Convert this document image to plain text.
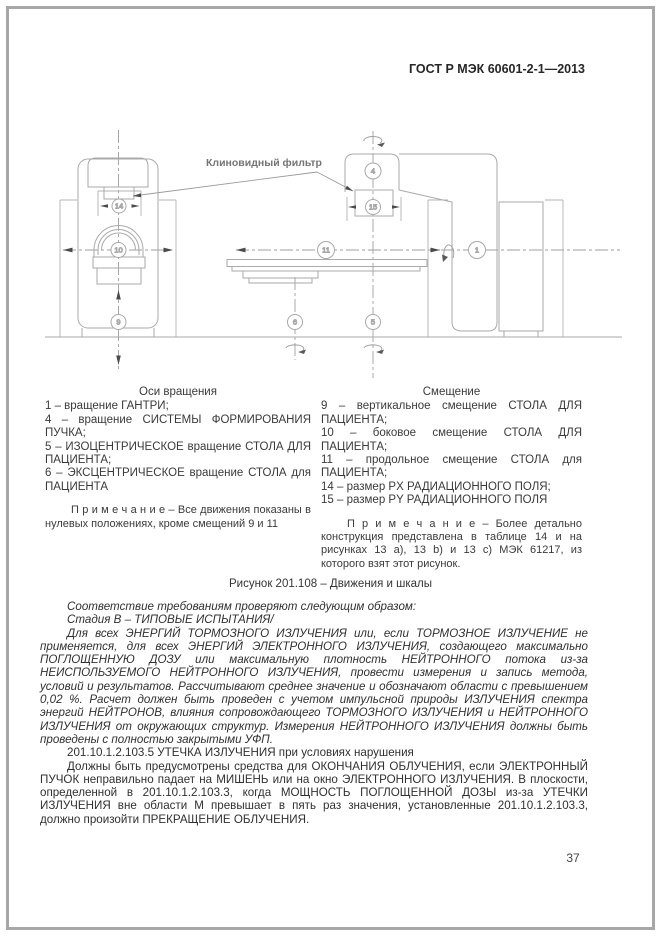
ГОСТ Р МЭК 60601-2-1—2013
14
10
9
11
6	5
4
15
1
Клиновидный фильтр

Оси вращения

1 – вращение ГАНТРИ;

4 – вращение СИСТЕМЫ ФОРМИРОВАНИЯ ПУЧКА;

5 – ИЗОЦЕНТРИЧЕСКОЕ вращение СТОЛА ДЛЯ ПАЦИЕНТА;

6 – ЭКСЦЕНТРИЧЕСКОЕ вращение СТОЛА для ПАЦИЕНТА

П р и м е ч а н и е – Все движения показаны в нулевых положениях, кроме смещений 9 и 11

Смещение

9 – вертикальное смещение СТОЛА ДЛЯ ПАЦИЕНТА;

10 – боковое смещение СТОЛА ДЛЯ ПАЦИЕНТА;

11 – продольное смещение СТОЛА для ПАЦИЕНТА;

14 – размер PX РАДИАЦИОННОГО ПОЛЯ;

15 – размер PY РАДИАЦИОННОГО ПОЛЯ

П р и м е ч а н и е – Более детально конструкция представлена в таблице 14 и на рисунках 13 a), 13 b) и 13 c) МЭК 61217, из которого взят этот рисунок.

Рисунок 201.108 – Движения и шкалы

Соответствие требованиям проверяют следующим образом:

Стадия В – ТИПОВЫЕ ИСПЫТАНИЯ/

Для всех ЭНЕРГИЙ ТОРМОЗНОГО ИЗЛУЧЕНИЯ или, если ТОРМОЗНОЕ ИЗЛУЧЕНИЕ не применяется, для всех ЭНЕРГИЙ ЭЛЕКТРОННОГО ИЗЛУЧЕНИЯ, создающего максимально ПОГЛОЩЕННУЮ ДОЗУ или максимальную плотность НЕЙТРОННОГО потока из-за НЕИСПОЛЬЗУЕМОГО НЕЙТРОННОГО ИЗЛУЧЕНИЯ, провести измерения и запись метода, условий и результатов. Рассчитывают среднее значение и обозначают области с превышением 0,02 %. Расчет должен быть проведен с учетом импульсной природы ИЗЛУЧЕНИЯ спектра энергий НЕЙТРОНОВ, влияния сопровождающего ТОРМОЗНОГО ИЗЛУЧЕНИЯ и НЕЙТРОННОГО ИЗЛУЧЕНИЯ от окружающих структур. Измерения НЕЙТРОННОГО ИЗЛУЧЕНИЯ должны быть проведены с полностью закрытыми УФП.

201.10.1.2.103.5 УТЕЧКА ИЗЛУЧЕНИЯ при условиях нарушения

Должны быть предусмотрены средства для ОКОНЧАНИЯ ОБЛУЧЕНИЯ, если ЭЛЕКТРОННЫЙ ПУЧОК неправильно падает на МИШЕНЬ или на окно ЭЛЕКТРОННОГО ИЗЛУЧЕНИЯ. В плоскости, определенной в 201.10.1.2.103.3, когда МОЩНОСТЬ ПОГЛОЩЕННОЙ ДОЗЫ из-за УТЕЧКИ ИЗЛУЧЕНИЯ вне области М превышает в пять раз значения, установленные 201.10.1.2.103.3, должно произойти ПРЕКРАЩЕНИЕ ОБЛУЧЕНИЯ.

37
